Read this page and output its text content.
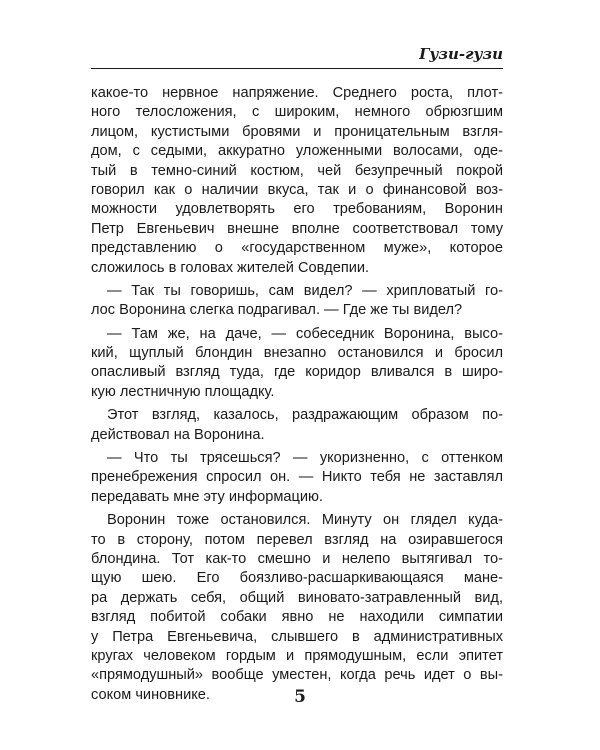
Гузи-гузи
какое-то нервное напряжение. Среднего роста, плот-
ного телосложения, с широким, немного обрюзгшим
лицом, кустистыми бровями и проницательным взгля-
дом, с седыми, аккуратно уложенными волосами, оде-
тый в темно-синий костюм, чей безупречный покрой
говорил как о наличии вкуса, так и о финансовой воз-
можности удовлетворять его требованиям, Воронин
Петр Евгеньевич внешне вполне соответствовал тому
представлению о «государственном муже», которое
сложилось в головах жителей Совдепии.
— Так ты говоришь, сам видел? — хрипловатый го-
лос Воронина слегка подрагивал. — Где же ты видел?
— Там же, на даче, — собеседник Воронина, высо-
кий, щуплый блондин внезапно остановился и бросил
опасливый взгляд туда, где коридор вливался в широ-
кую лестничную площадку.
Этот взгляд, казалось, раздражающим образом по-
действовал на Воронина.
— Что ты трясешься? — укоризненно, с оттенком
пренебрежения спросил он. — Никто тебя не заставлял
передавать мне эту информацию.
Воронин тоже остановился. Минуту он глядел куда-
то в сторону, потом перевел взгляд на озиравшегося
блондина. Тот как-то смешно и нелепо вытягивал то-
щую шею. Его боязливо-расшаркивающаяся мане-
ра держать себя, общий виновато-затравленный вид,
взгляд побитой собаки явно не находили симпатии
у Петра Евгеньевича, слывшего в административных
кругах человеком гордым и прямодушным, если эпитет
«прямодушный» вообще уместен, когда речь идет о вы-
соком чиновнике.	5
